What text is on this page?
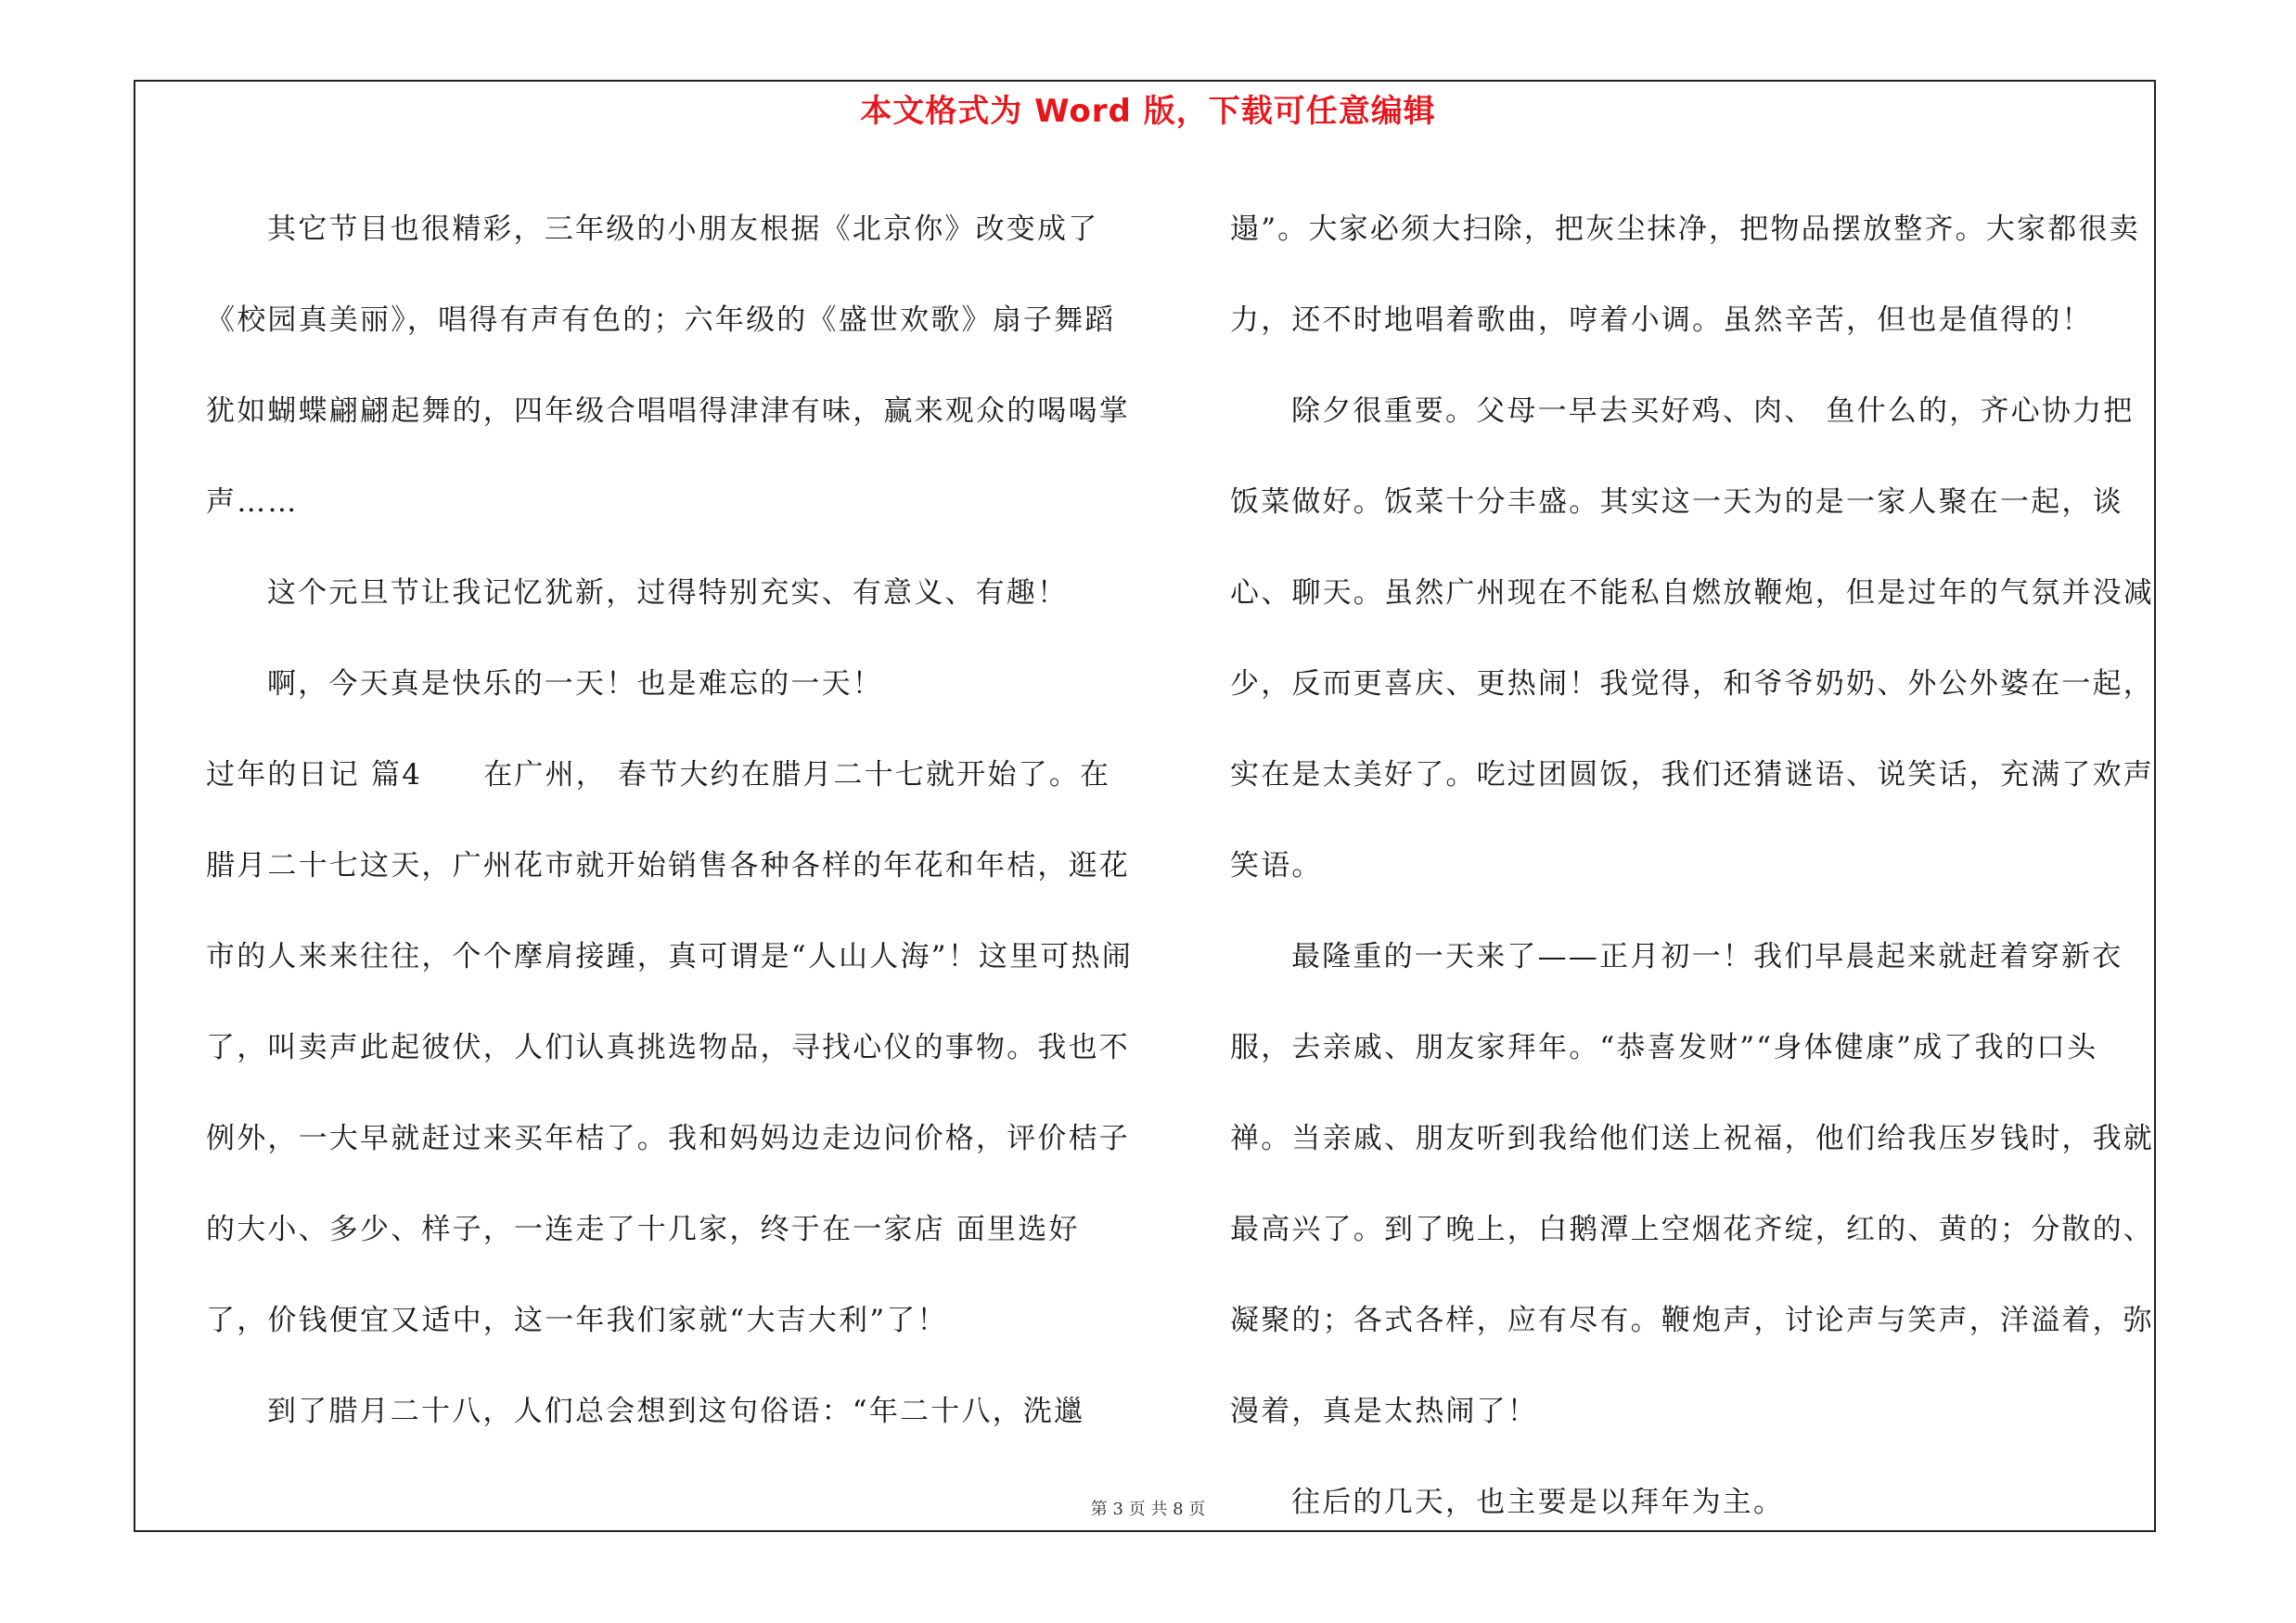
本文格式为 Word 版，下载可任意编辑

其它节目也很精彩，三年级的小朋友根据《北京你》改变成了《校园真美丽》，唱得有声有色的；六年级的《盛世欢歌》扇子舞蹈犹如蝴蝶翩翩起舞的，四年级合唱唱得津津有味，赢来观众的喝喝掌声……

这个元旦节让我记忆犹新，过得特别充实、有意义、有趣！

啊，今天真是快乐的一天！也是难忘的一天！

过年的日记 篇4 在广州， 春节大约在腊月二十七就开始了。在腊月二十七这天，广州花市就开始销售各种各样的年花和年桔，逛花市的人来来往往，个个摩肩接踵，真可谓是“人山人海”！这里可热闹了，叫卖声此起彼伏，人们认真挑选物品，寻找心仪的事物。我也不例外，一大早就赶过来买年桔了。我和妈妈边走边问价格，评价桔子的大小、多少、样子，一连走了十几家，终于在一家店 面里选好了，价钱便宜又适中，这一年我们家就“大吉大利”了！

到了腊月二十八，人们总会想到这句俗语：“年二十八，洗邋

遢”。大家必须大扫除，把灰尘抹净，把物品摆放整齐。大家都很卖力，还不时地唱着歌曲，哼着小调。虽然辛苦，但也是值得的！

除夕很重要。父母一早去买好鸡、肉、 鱼什么的，齐心协力把饭菜做好。饭菜十分丰盛。其实这一天为的是一家人聚在一起，谈心、聊天。虽然广州现在不能私自燃放鞭炮，但是过年的气氛并没减少，反而更喜庆、更热闹！我觉得，和爷爷奶奶、外公外婆在一起，实在是太美好了。吃过团圆饭，我们还猜谜语、说笑话，充满了欢声笑语。

最隆重的一天来了——正月初一！我们早晨起来就赶着穿新衣服，去亲戚、朋友家拜年。“恭喜发财”“身体健康”成了我的口头禅。当亲戚、朋友听到我给他们送上祝福，他们给我压岁钱时，我就最高兴了。到了晚上，白鹅潭上空烟花齐绽，红的、黄的；分散的、凝聚的；各式各样，应有尽有。鞭炮声，讨论声与笑声，洋溢着，弥漫着，真是太热闹了！

往后的几天，也主要是以拜年为主。

第 3 页 共 8 页
